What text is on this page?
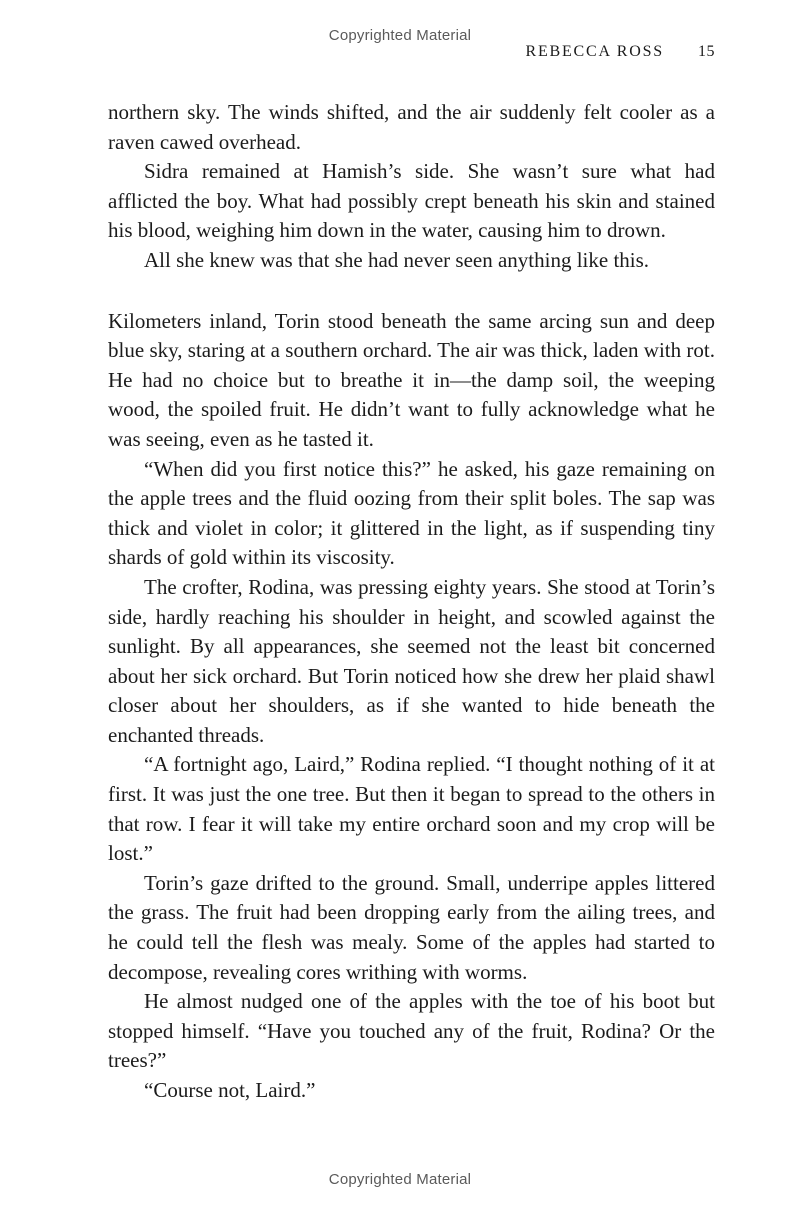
Copyrighted Material
REBECCA ROSS 15

northern sky. The winds shifted, and the air suddenly felt cooler as a raven cawed overhead.

Sidra remained at Hamish’s side. She wasn’t sure what had afflicted the boy. What had possibly crept beneath his skin and stained his blood, weighing him down in the water, causing him to drown.

All she knew was that she had never seen anything like this.

Kilometers inland, Torin stood beneath the same arcing sun and deep blue sky, staring at a southern orchard. The air was thick, laden with rot. He had no choice but to breathe it in—the damp soil, the weeping wood, the spoiled fruit. He didn’t want to fully acknowledge what he was seeing, even as he tasted it.

“When did you first notice this?” he asked, his gaze remaining on the apple trees and the fluid oozing from their split boles. The sap was thick and violet in color; it glittered in the light, as if suspending tiny shards of gold within its viscosity.

The crofter, Rodina, was pressing eighty years. She stood at Torin’s side, hardly reaching his shoulder in height, and scowled against the sunlight. By all appearances, she seemed not the least bit concerned about her sick orchard. But Torin noticed how she drew her plaid shawl closer about her shoulders, as if she wanted to hide beneath the enchanted threads.

“A fortnight ago, Laird,” Rodina replied. “I thought nothing of it at first. It was just the one tree. But then it began to spread to the others in that row. I fear it will take my entire orchard soon and my crop will be lost.”

Torin’s gaze drifted to the ground. Small, underripe apples littered the grass. The fruit had been dropping early from the ailing trees, and he could tell the flesh was mealy. Some of the apples had started to decompose, revealing cores writhing with worms.

He almost nudged one of the apples with the toe of his boot but stopped himself. “Have you touched any of the fruit, Rodina? Or the trees?”

“Course not, Laird.”

Copyrighted Material
